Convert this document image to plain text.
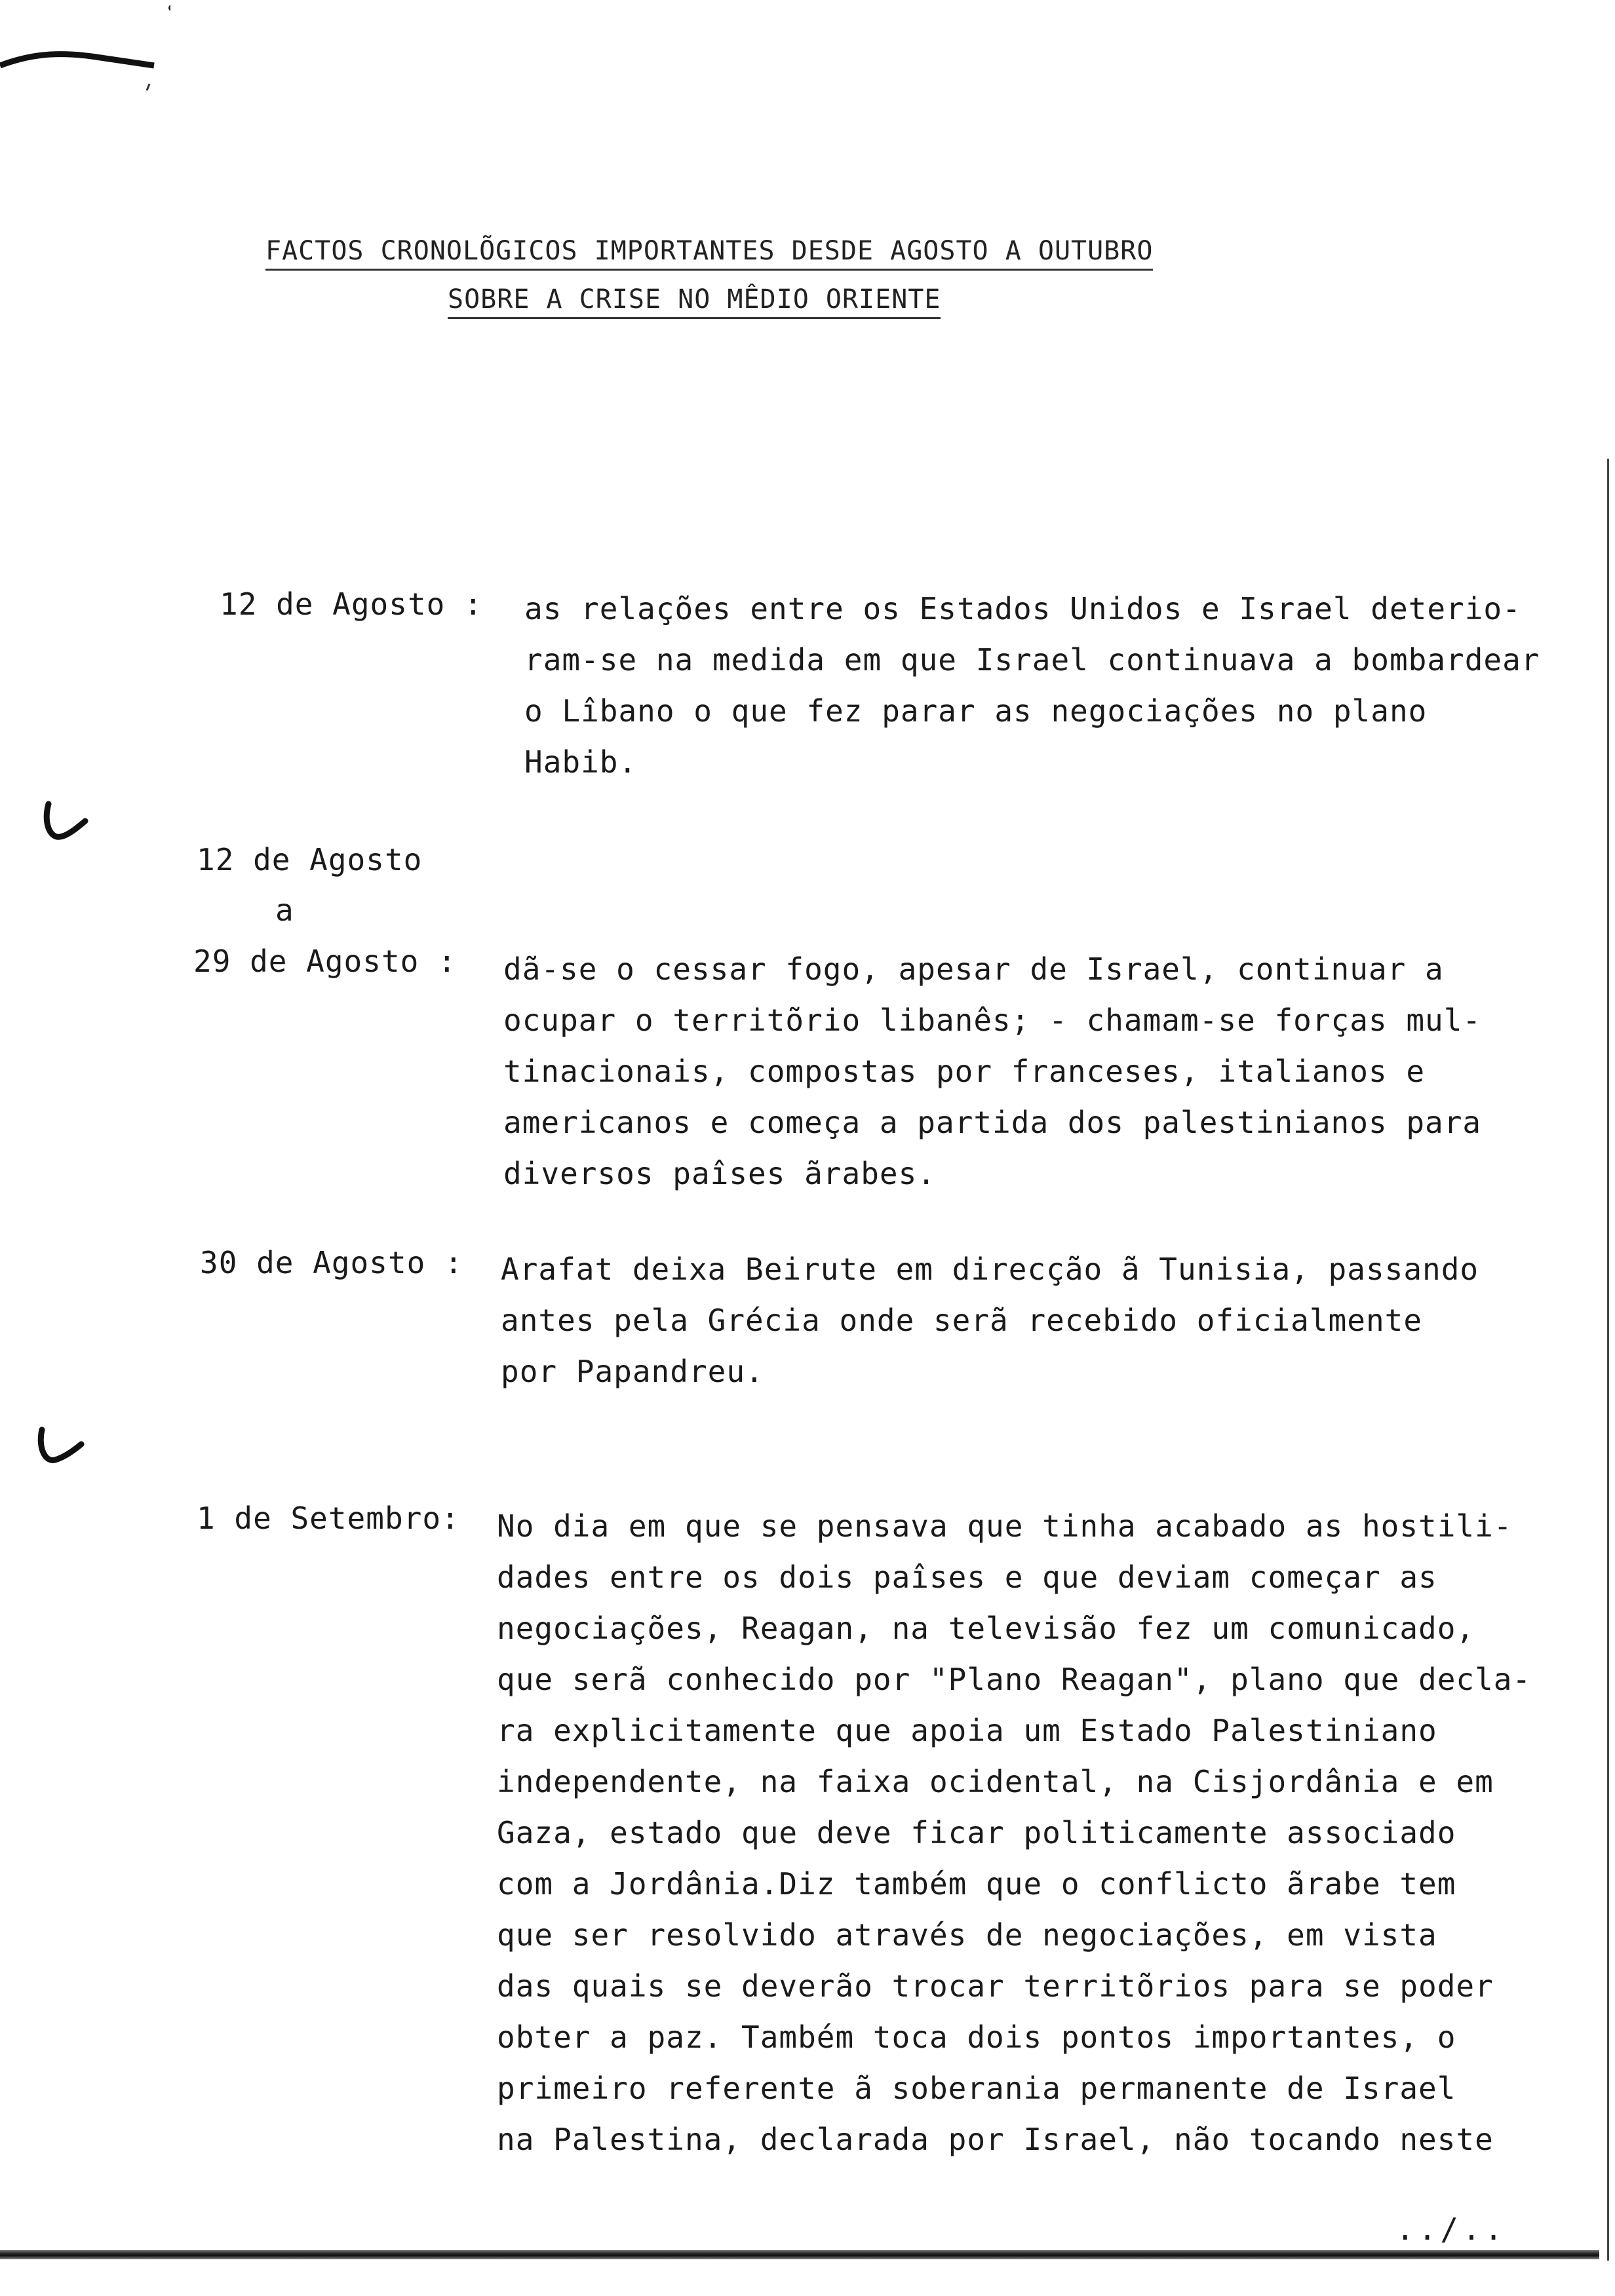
FACTOS CRONOLÕGICOS IMPORTANTES DESDE AGOSTO A OUTUBRO
SOBRE A CRISE NO MÊDIO ORIENTE
12 de Agosto : as relações entre os Estados Unidos e Israel deterio-
ram-se na medida em que Israel continuava a bombardear
o Lîbano o que fez parar as negociações no plano
Habib.
12 de Agosto
a
29 de Agosto : dã-se o cessar fogo, apesar de Israel, continuar a
ocupar o territõrio libanês; - chamam-se forças mul-
tinacionais, compostas por franceses, italianos e
americanos e começa a partida dos palestinianos para
diversos paîses ãrabes.
30 de Agosto : Arafat deixa Beirute em direcção ã Tunisia, passando
antes pela Grécia onde serã recebido oficialmente
por Papandreu.
1 de Setembro: No dia em que se pensava que tinha acabado as hostili-
dades entre os dois paîses e que deviam começar as
negociações, Reagan, na televisão fez um comunicado,
que serã conhecido por "Plano Reagan", plano que decla-
ra explicitamente que apoia um Estado Palestiniano
independente, na faixa ocidental, na Cisjordânia e em
Gaza, estado que deve ficar politicamente associado
com a Jordânia.Diz também que o conflicto ãrabe tem
que ser resolvido através de negociações, em vista
das quais se deverão trocar territõrios para se poder
obter a paz. Também toca dois pontos importantes, o
primeiro referente ã soberania permanente de Israel
na Palestina, declarada por Israel, não tocando neste
../..
